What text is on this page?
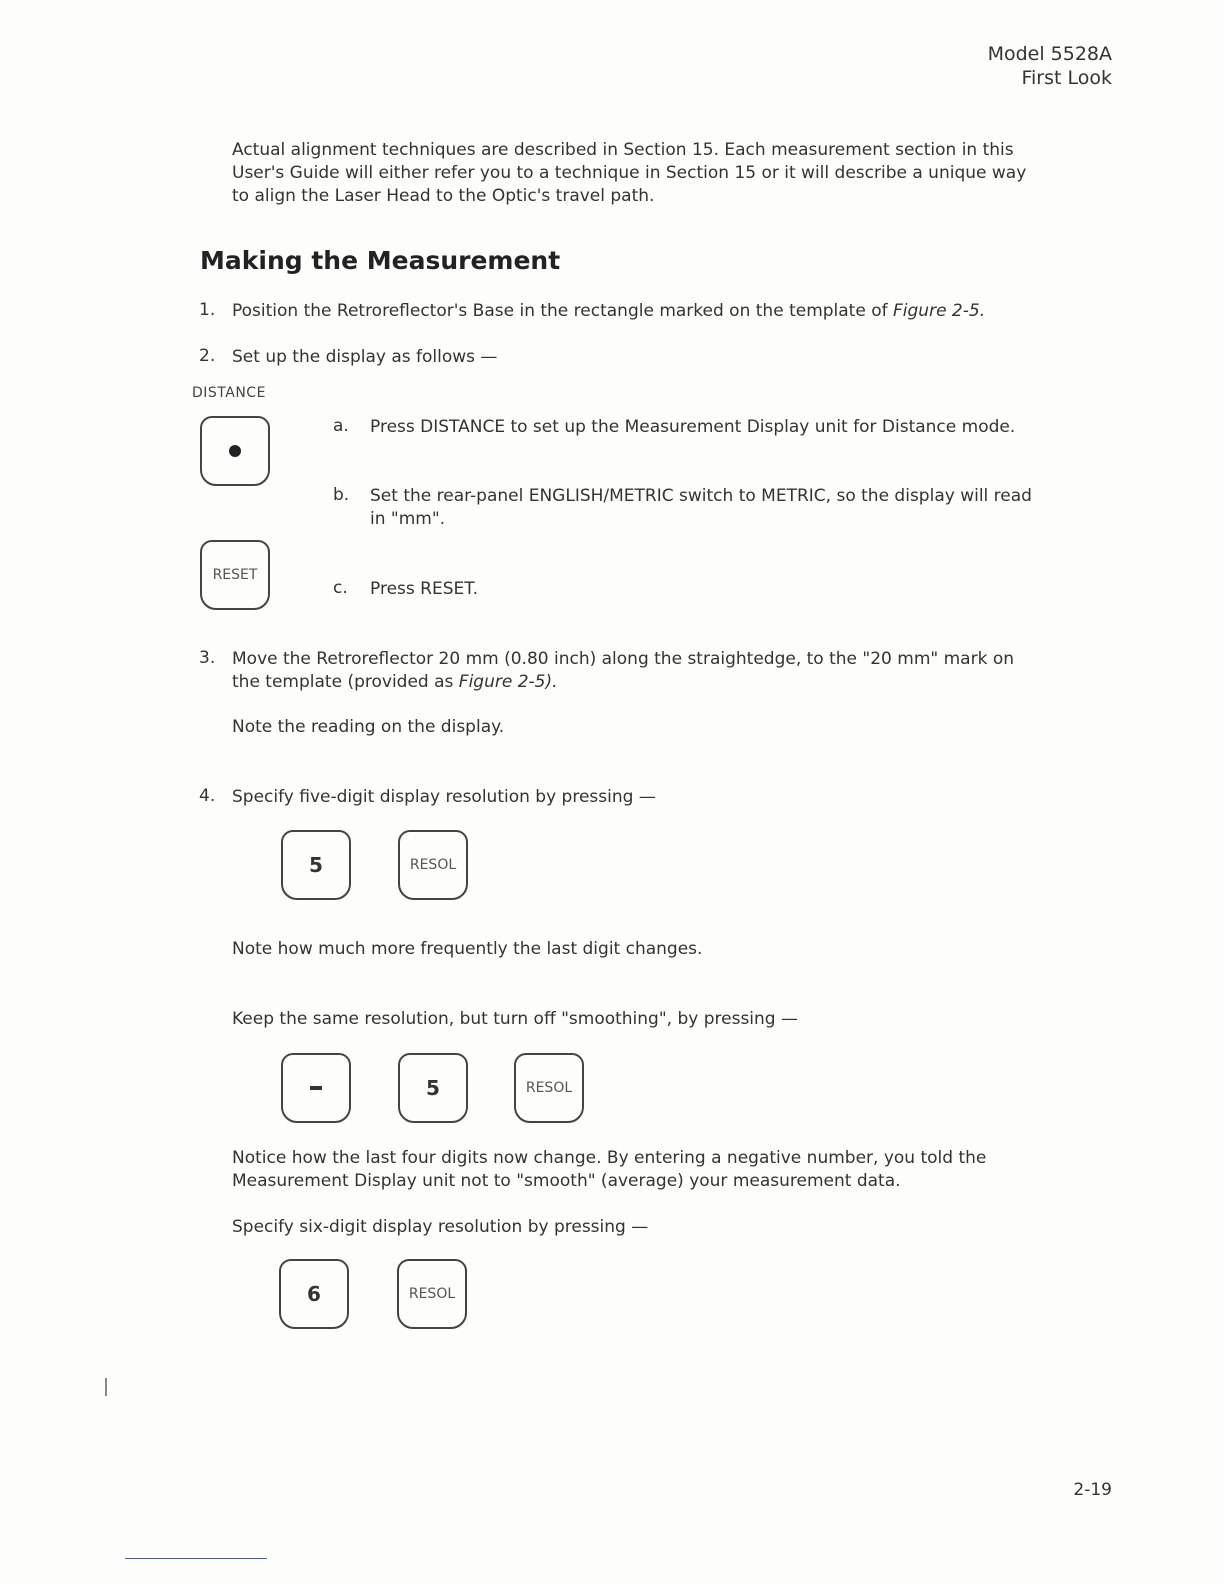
Model 5528A
First Look
Actual alignment techniques are described in Section 15. Each measurement section in this User's Guide will either refer you to a technique in Section 15 or it will describe a unique way to align the Laser Head to the Optic's travel path.
Making the Measurement
1. Position the Retroreflector's Base in the rectangle marked on the template of Figure 2-5.
2. Set up the display as follows —
DISTANCE
a. Press DISTANCE to set up the Measurement Display unit for Distance mode.
b. Set the rear-panel ENGLISH/METRIC switch to METRIC, so the display will read in "mm".
RESET
c. Press RESET.
3. Move the Retroreflector 20 mm (0.80 inch) along the straightedge, to the "20 mm" mark on the template (provided as Figure 2-5).
Note the reading on the display.
4. Specify five-digit display resolution by pressing —
5	RESOL
Note how much more frequently the last digit changes.
Keep the same resolution, but turn off "smoothing", by pressing —
5	RESOL
Notice how the last four digits now change. By entering a negative number, you told the Measurement Display unit not to "smooth" (average) your measurement data.
Specify six-digit display resolution by pressing —
6	RESOL
2-19
